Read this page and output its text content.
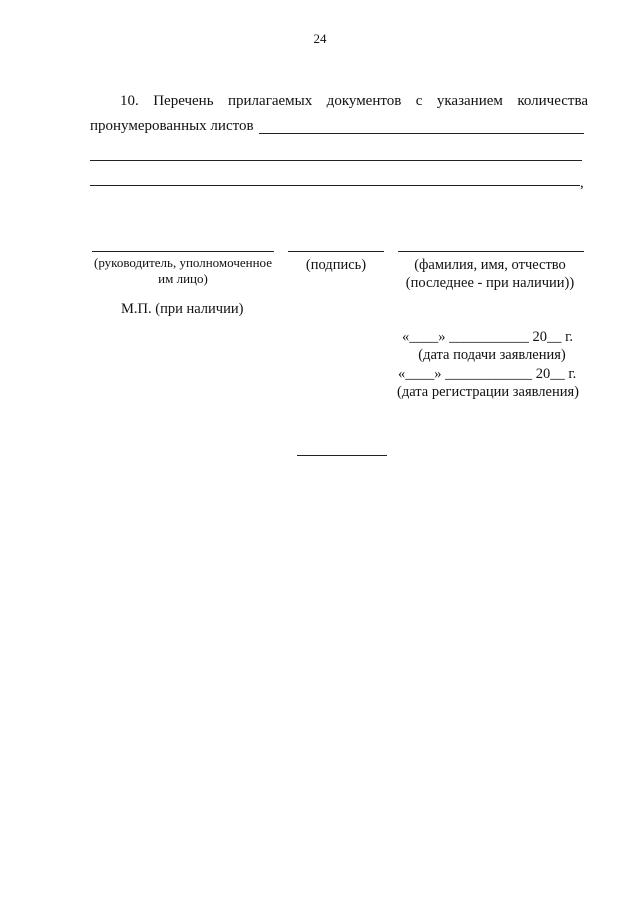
24
10. Перечень прилагаемых документов с указанием количества
пронумерованных листов
,
(руководитель, уполномоченное им лицо)
(подпись)	(фамилия, имя, отчество
(последнее - при наличии))
М.П. (при наличии)
«____» ___________ 20__ г.
(дата подачи заявления)
«____» ____________ 20__ г.
(дата регистрации заявления)
